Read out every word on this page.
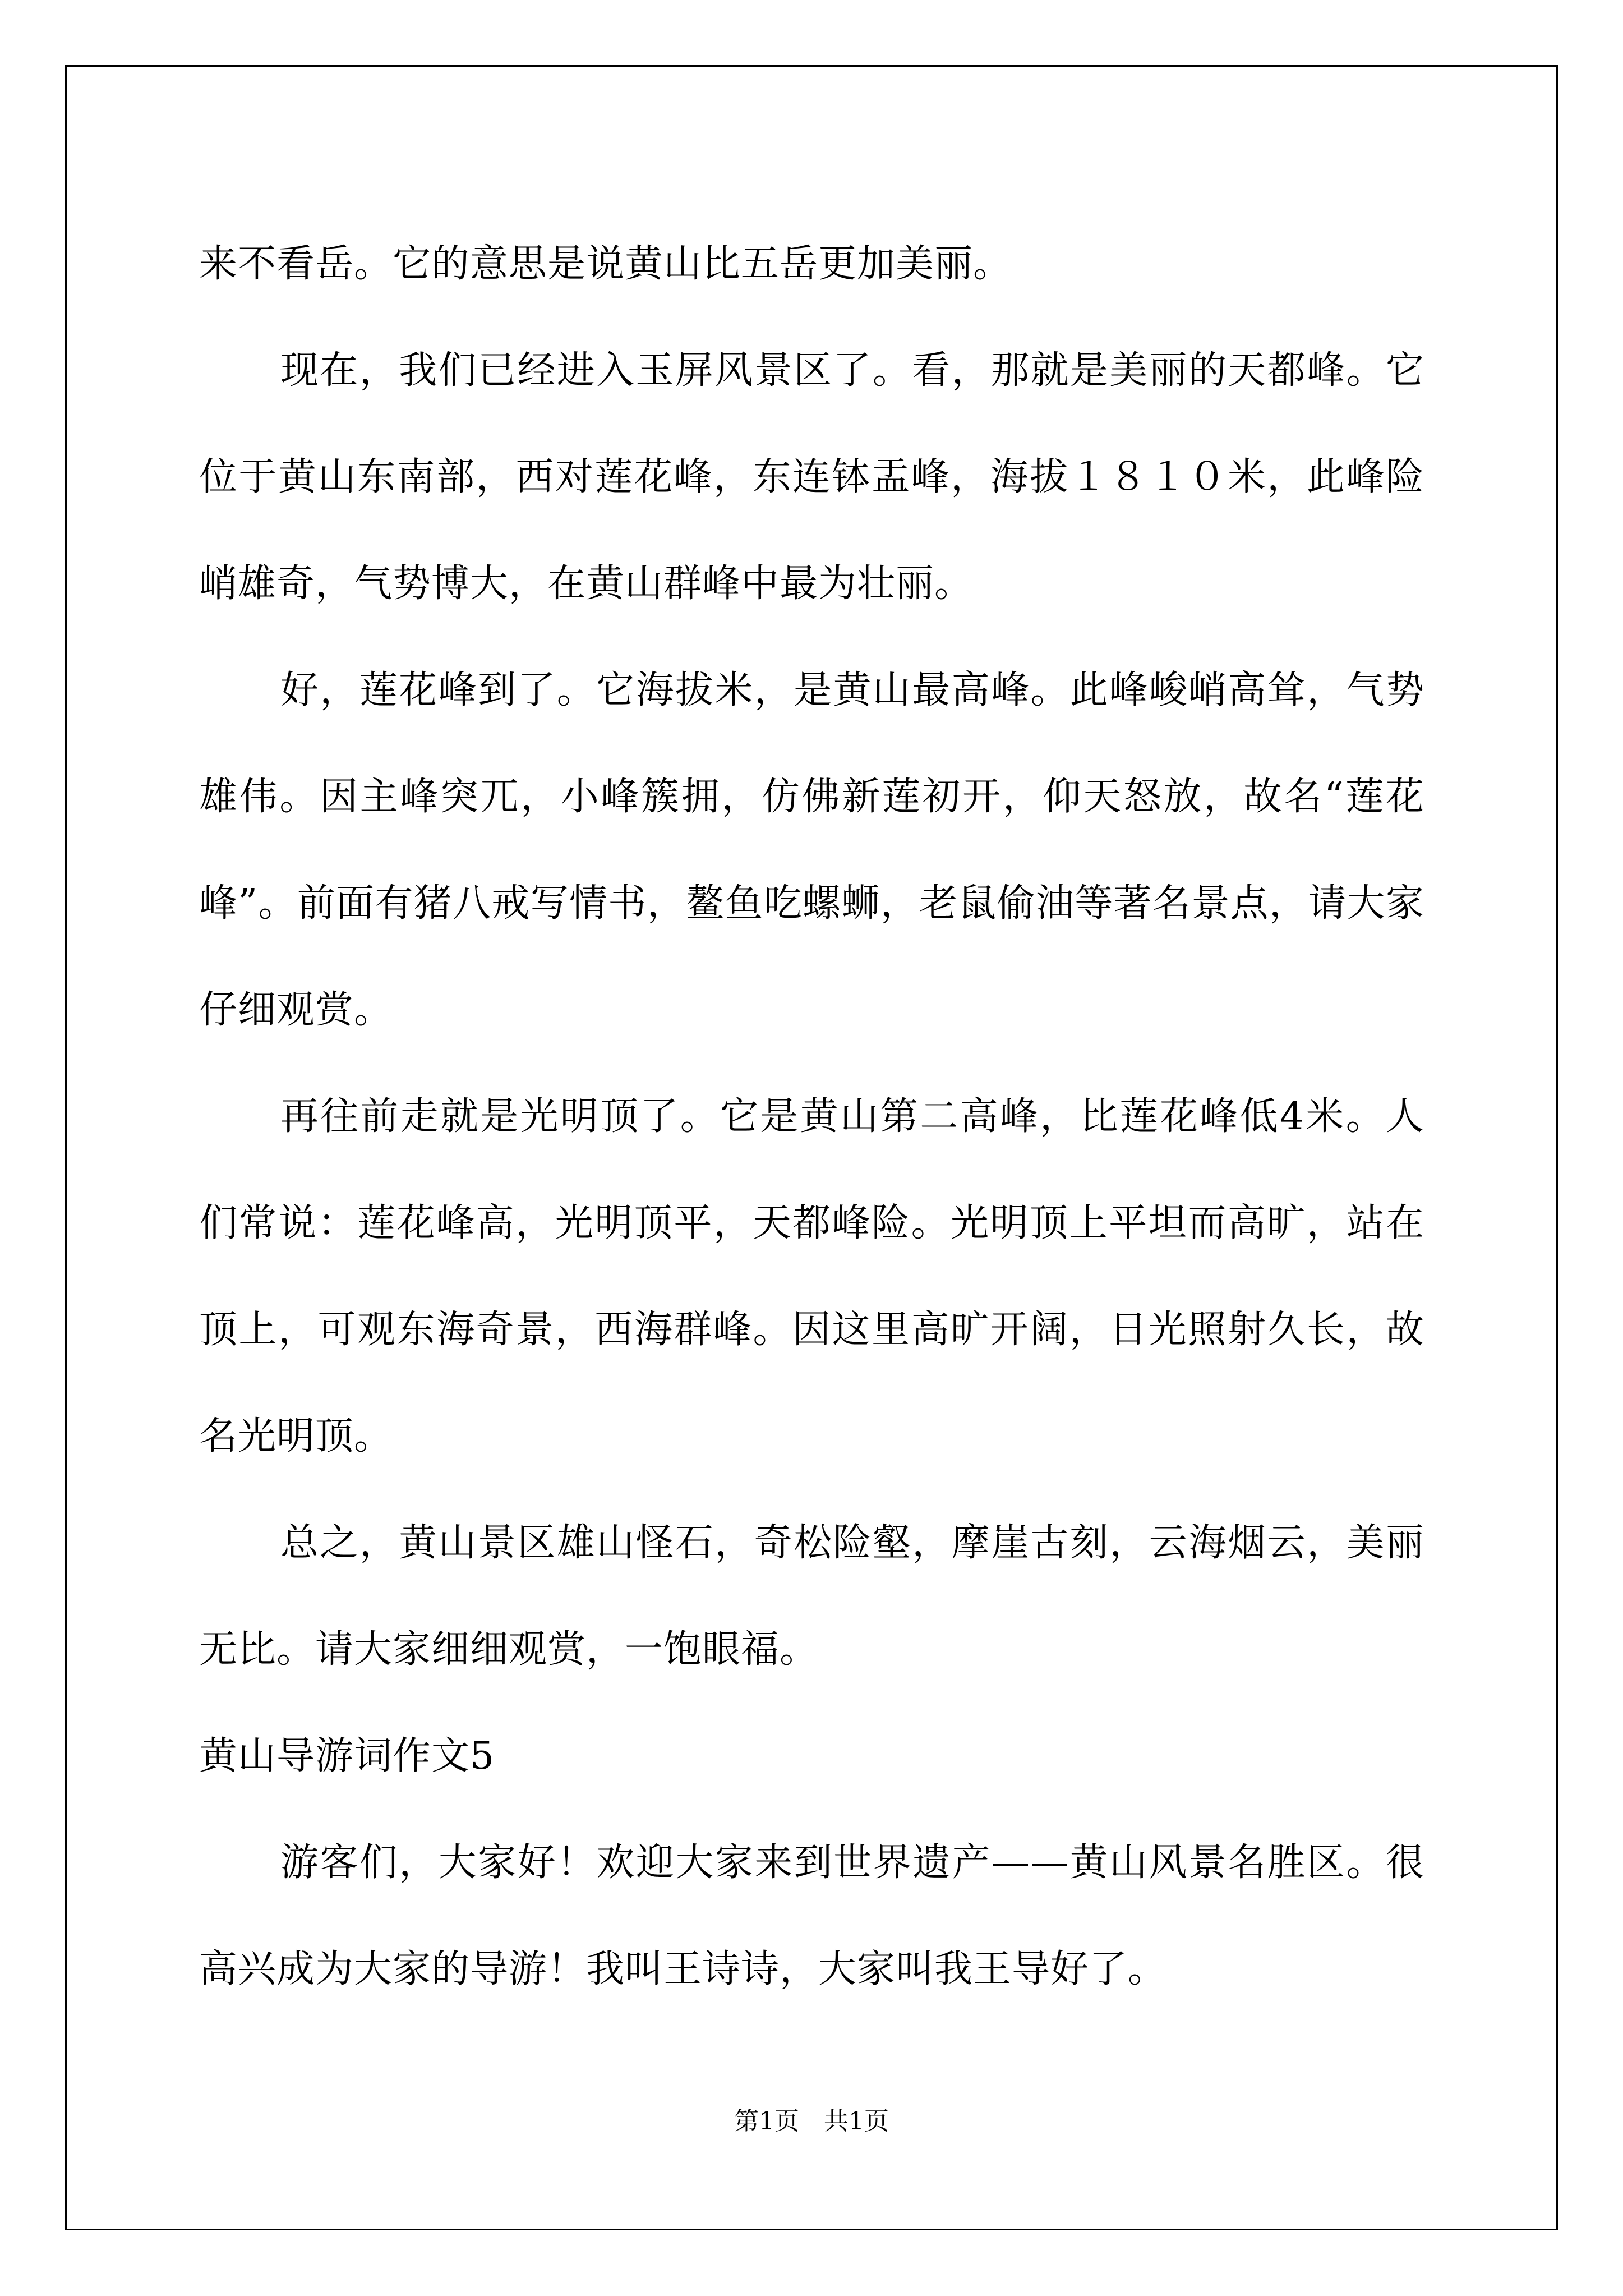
来不看岳。它的意思是说黄山比五岳更加美丽。

现在，我们已经进入玉屏风景区了。看，那就是美丽的天都峰。它位于黄山东南部，西对莲花峰，东连钵盂峰，海拔１８１０米，此峰险峭雄奇，气势博大，在黄山群峰中最为壮丽。

好，莲花峰到了。它海拔米，是黄山最高峰。此峰峻峭高耸，气势雄伟。因主峰突兀，小峰簇拥，仿佛新莲初开，仰天怒放，故名“莲花峰”。前面有猪八戒写情书，鳌鱼吃螺蛳，老鼠偷油等著名景点，请大家仔细观赏。

再往前走就是光明顶了。它是黄山第二高峰，比莲花峰低4米。人们常说：莲花峰高，光明顶平，天都峰险。光明顶上平坦而高旷，站在顶上，可观东海奇景，西海群峰。因这里高旷开阔，日光照射久长，故名光明顶。

总之，黄山景区雄山怪石，奇松险壑，摩崖古刻，云海烟云，美丽无比。请大家细细观赏，一饱眼福。

黄山导游词作文5

游客们，大家好！欢迎大家来到世界遗产——黄山风景名胜区。很高兴成为大家的导游！我叫王诗诗，大家叫我王导好了。

第1页　共1页
